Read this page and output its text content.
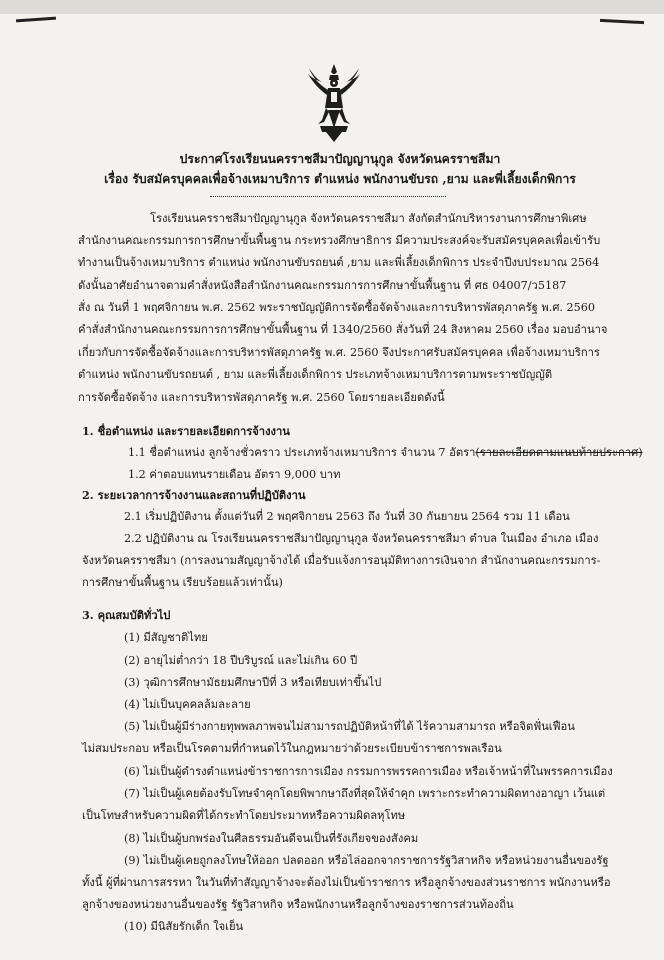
ประกาศโรงเรียนนครราชสีมาปัญญานุกูล จังหวัดนครราชสีมา
เรื่อง รับสมัครบุคคลเพื่อจ้างเหมาบริการ ตำแหน่ง พนักงานขับรถ ,ยาม และพี่เลี้ยงเด็กพิการ
โรงเรียนนครราชสีมาปัญญานุกูล จังหวัดนครราชสีมา สังกัดสำนักบริหารงานการศึกษาพิเศษ
สำนักงานคณะกรรมการการศึกษาขั้นพื้นฐาน กระทรวงศึกษาธิการ มีความประสงค์จะรับสมัครบุคคลเพื่อเข้ารับ
ทำงานเป็นจ้างเหมาบริการ ตำแหน่ง พนักงานขับรถยนต์ ,ยาม และพี่เลี้ยงเด็กพิการ ประจำปีงบประมาณ 2564
ดังนั้นอาศัยอำนาจตามคำสั่งหนังสือสำนักงานคณะกรรมการการศึกษาขั้นพื้นฐาน ที่ ศธ 04007/ว5187
สั่ง ณ วันที่ 1 พฤศจิกายน พ.ศ. 2562 พระราชบัญญัติการจัดซื้อจัดจ้างและการบริหารพัสดุภาครัฐ พ.ศ. 2560
คำสั่งสำนักงานคณะกรรมการการศึกษาขั้นพื้นฐาน ที่ 1340/2560 สั่งวันที่ 24 สิงหาคม 2560 เรื่อง มอบอำนาจ
เกี่ยวกับการจัดซื้อจัดจ้างและการบริหารพัสดุภาครัฐ พ.ศ. 2560 จึงประกาศรับสมัครบุคคล เพื่อจ้างเหมาบริการ
ตำแหน่ง พนักงานขับรถยนต์ , ยาม และพี่เลี้ยงเด็กพิการ ประเภทจ้างเหมาบริการตามพระราชบัญญัติ
การจัดซื้อจัดจ้าง และการบริหารพัสดุภาครัฐ พ.ศ. 2560 โดยรายละเอียดดังนี้
1. ชื่อตำแหน่ง และรายละเอียดการจ้างงาน
1.1 ชื่อตำแหน่ง ลูกจ้างชั่วคราว ประเภทจ้างเหมาบริการ จำนวน 7 อัตรา(รายละเอียดตามแนบท้ายประกาศ)
1.2 ค่าตอบแทนรายเดือน อัตรา 9,000 บาท
2. ระยะเวลาการจ้างงานและสถานที่ปฏิบัติงาน
2.1 เริ่มปฏิบัติงาน ตั้งแต่วันที่ 2 พฤศจิกายน 2563 ถึง วันที่ 30 กันยายน 2564 รวม 11 เดือน
2.2 ปฏิบัติงาน ณ โรงเรียนนครราชสีมาปัญญานุกูล จังหวัดนครราชสีมา ตำบล ในเมือง อำเภอ เมือง
จังหวัดนครราชสีมา (การลงนามสัญญาจ้างได้ เมื่อรับแจ้งการอนุมัติทางการเงินจาก สำนักงานคณะกรรมการ-
การศึกษาขั้นพื้นฐาน เรียบร้อยแล้วเท่านั้น)
3. คุณสมบัติทั่วไป
(1) มีสัญชาติไทย
(2) อายุไม่ต่ำกว่า 18 ปีบริบูรณ์ และไม่เกิน 60 ปี
(3) วุฒิการศึกษามัธยมศึกษาปีที่ 3 หรือเทียบเท่าขึ้นไป
(4) ไม่เป็นบุคคลล้มละลาย
(5) ไม่เป็นผู้มีร่างกายทุพพลภาพจนไม่สามารถปฏิบัติหน้าที่ได้ ไร้ความสามารถ หรือจิตฟั่นเฟือน
ไม่สมประกอบ หรือเป็นโรคตามที่กำหนดไว้ในกฎหมายว่าด้วยระเบียบข้าราชการพลเรือน
(6) ไม่เป็นผู้ดำรงตำแหน่งข้าราชการการเมือง กรรมการพรรคการเมือง หรือเจ้าหน้าที่ในพรรคการเมือง
(7) ไม่เป็นผู้เคยต้องรับโทษจำคุกโดยพิพากษาถึงที่สุดให้จำคุก เพราะกระทำความผิดทางอาญา เว้นแต่
เป็นโทษสำหรับความผิดที่ได้กระทำโดยประมาทหรือความผิดลหุโทษ
(8) ไม่เป็นผู้บกพร่องในศีลธรรมอันดีจนเป็นที่รังเกียจของสังคม
(9) ไม่เป็นผู้เคยถูกลงโทษให้ออก ปลดออก หรือไล่ออกจากราชการรัฐวิสาหกิจ หรือหน่วยงานอื่นของรัฐ
ทั้งนี้ ผู้ที่ผ่านการสรรหา ในวันที่ทำสัญญาจ้างจะต้องไม่เป็นข้าราชการ หรือลูกจ้างของส่วนราชการ พนักงานหรือ
ลูกจ้างของหน่วยงานอื่นของรัฐ รัฐวิสาหกิจ หรือพนักงานหรือลูกจ้างของราชการส่วนท้องถิ่น
(10) มีนิสัยรักเด็ก ใจเย็น
